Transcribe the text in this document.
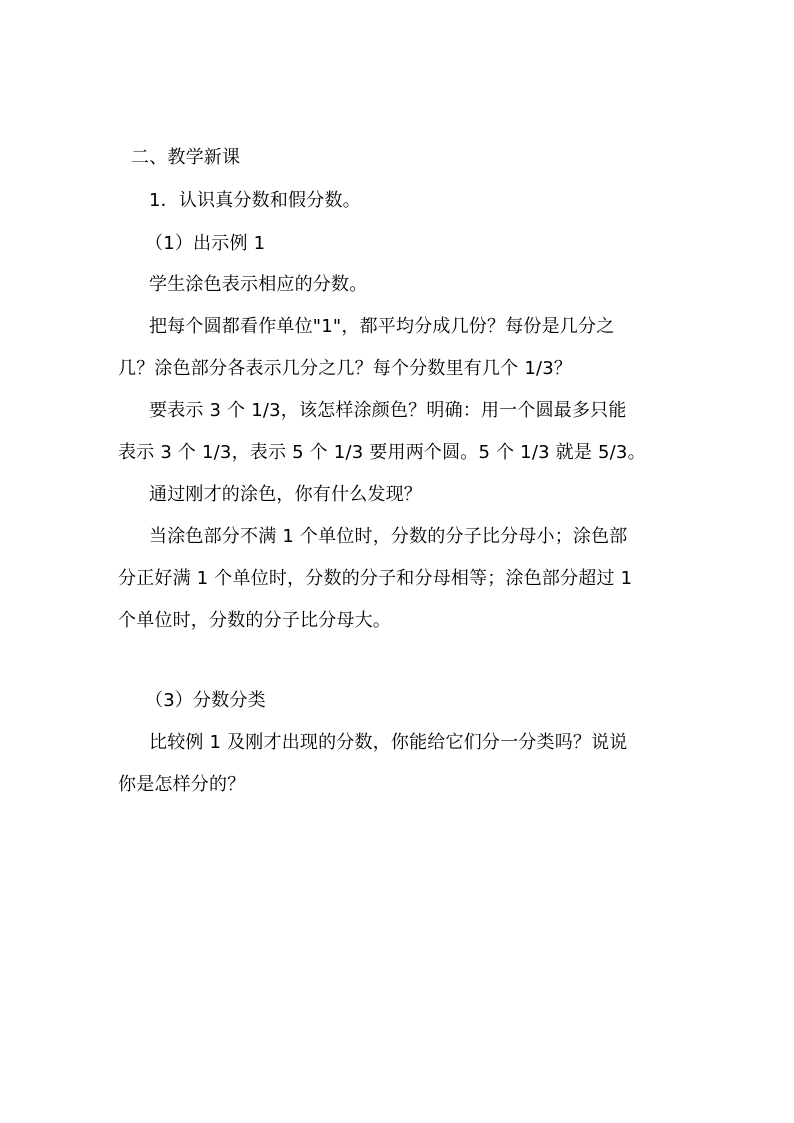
二、教学新课
1．认识真分数和假分数。
（1）出示例 1
学生涂色表示相应的分数。
把每个圆都看作单位"1"，都平均分成几份？每份是几分之
几？涂色部分各表示几分之几？每个分数里有几个 1/3？
要表示 3 个 1/3，该怎样涂颜色？明确：用一个圆最多只能
表示 3 个 1/3，表示 5 个 1/3 要用两个圆。5 个 1/3 就是 5/3。
通过刚才的涂色，你有什么发现？
当涂色部分不满 1 个单位时，分数的分子比分母小；涂色部
分正好满 1 个单位时，分数的分子和分母相等；涂色部分超过 1
个单位时，分数的分子比分母大。
（3）分数分类
比较例 1 及刚才出现的分数，你能给它们分一分类吗？说说
你是怎样分的？
